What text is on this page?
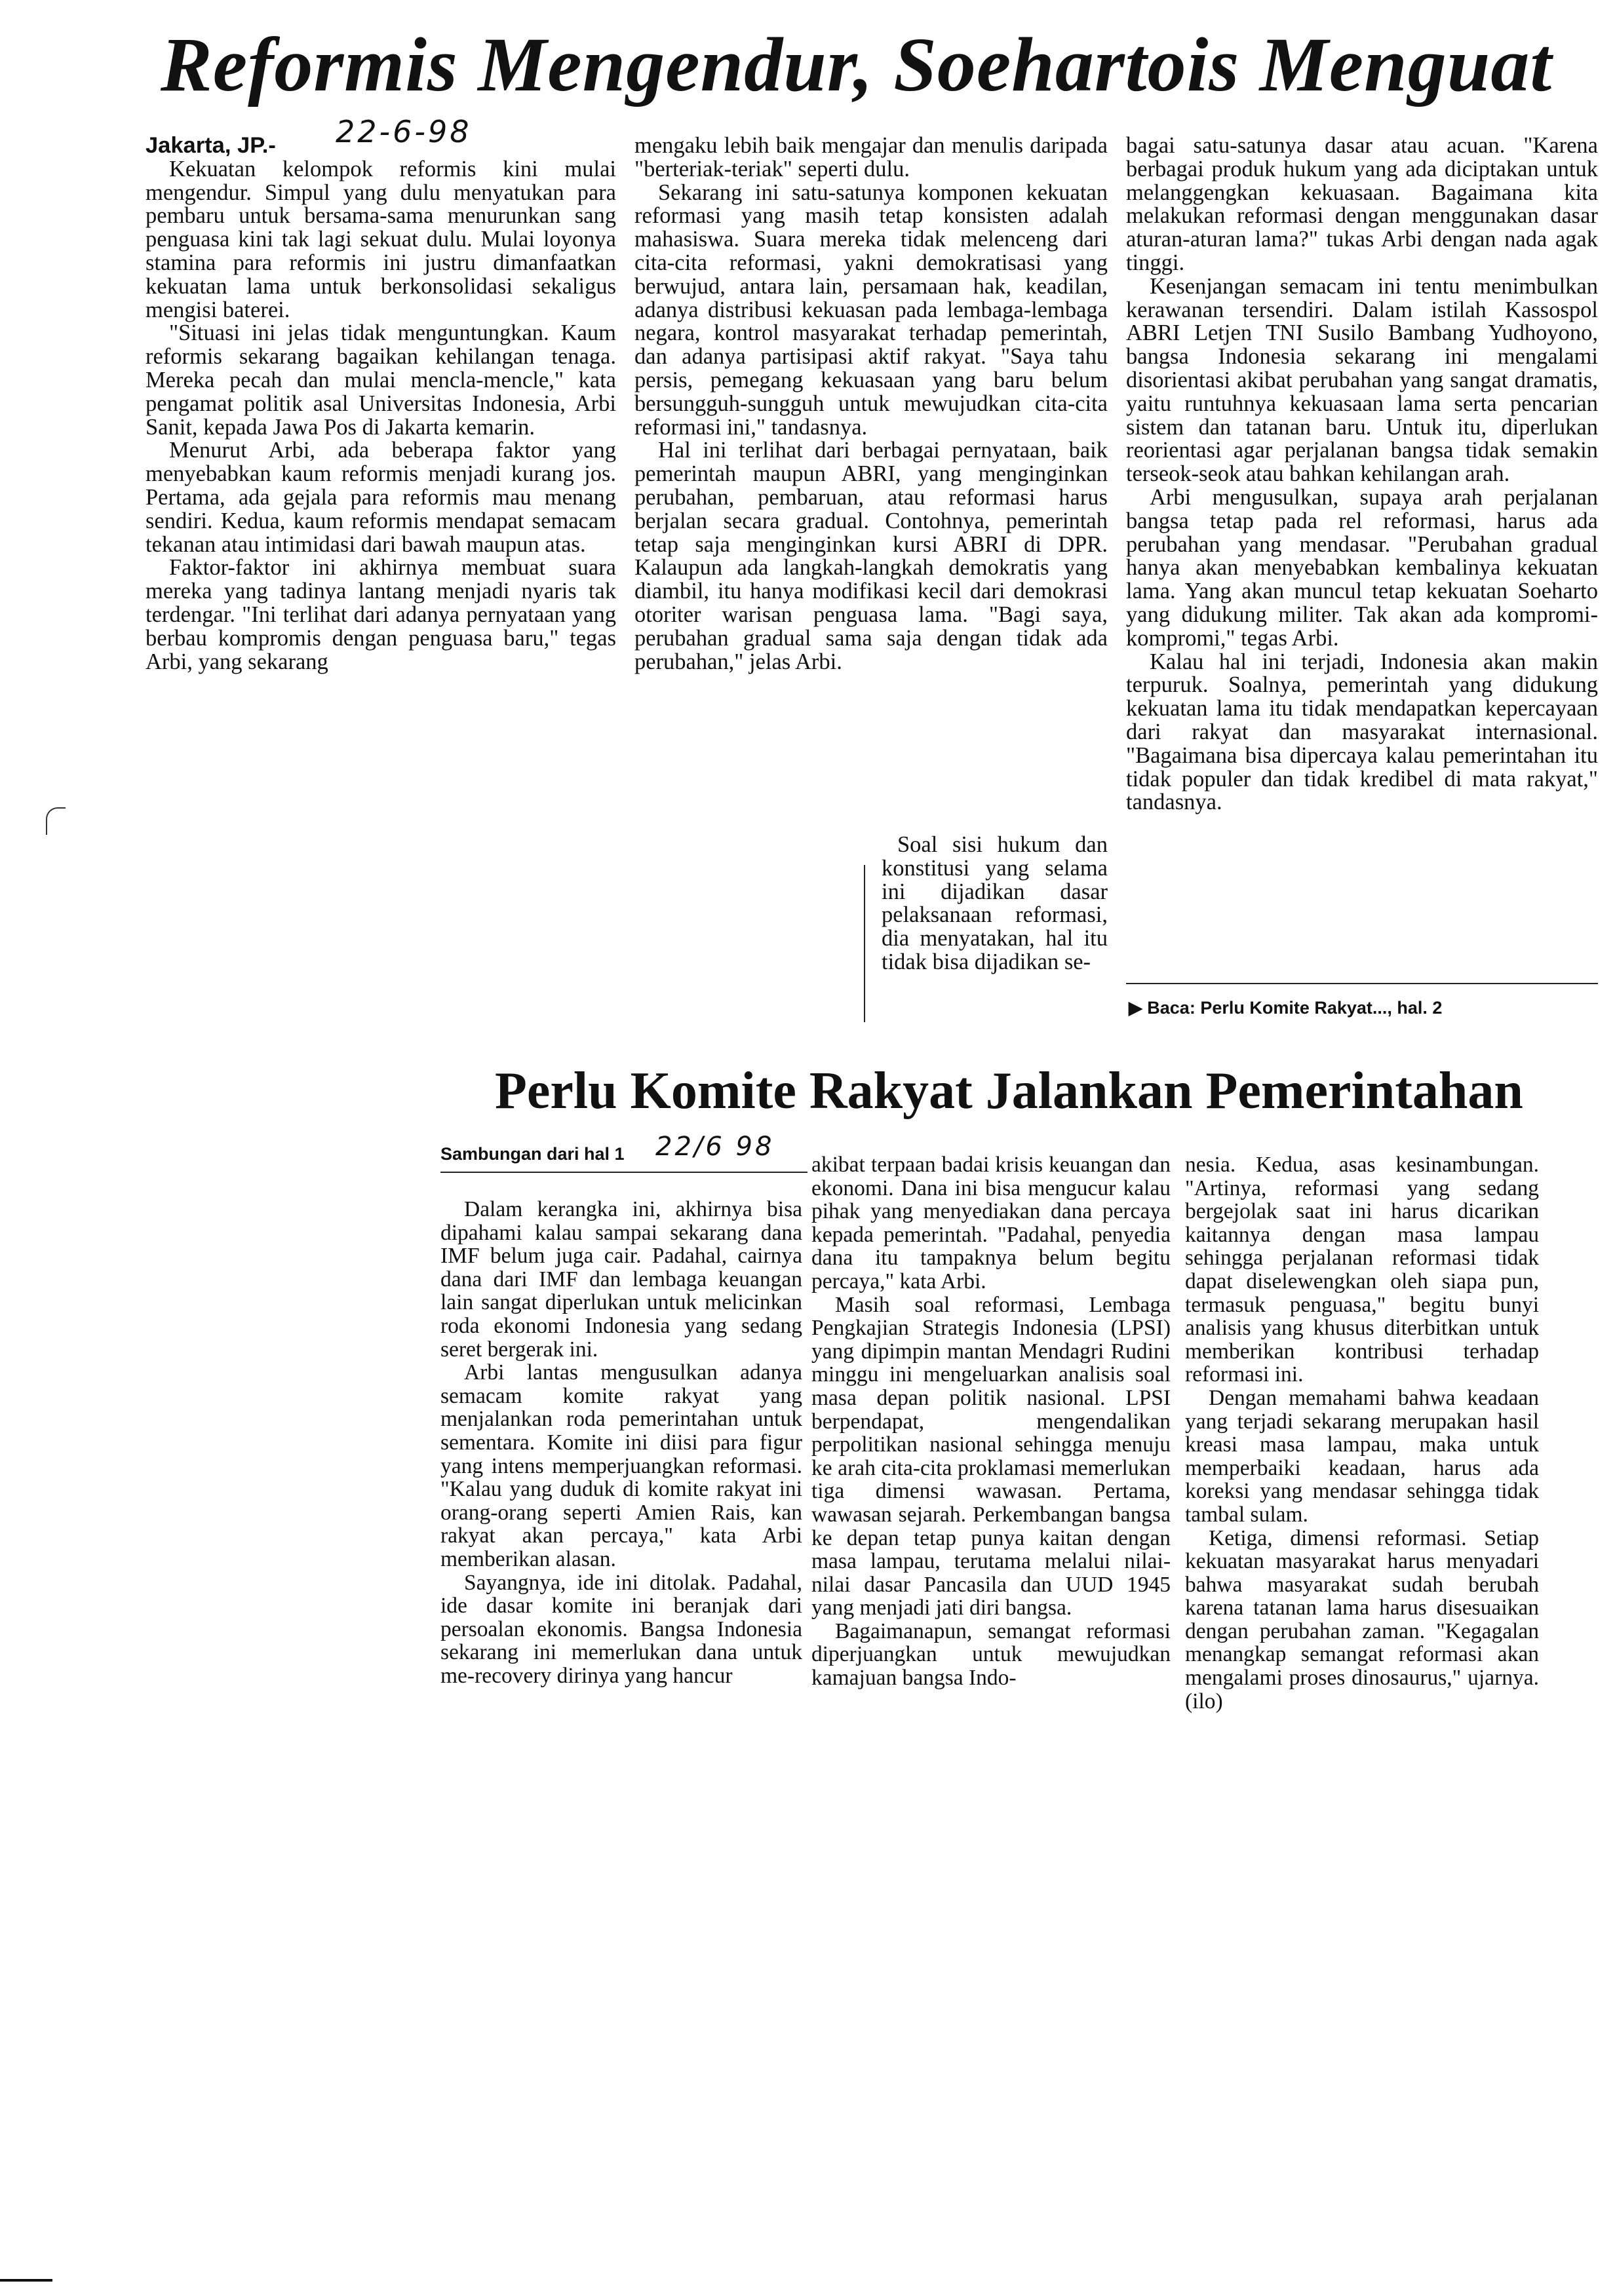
Reformis Mengendur, Soehartois Menguat
22-6-98

Jakarta, JP.-

Kekuatan kelompok reformis kini mulai mengendur. Simpul yang dulu menyatukan para pembaru untuk bersama-sama menurunkan sang penguasa kini tak lagi sekuat dulu. Mulai loyonya stamina para reformis ini justru dimanfaatkan kekuatan lama untuk berkonsolidasi sekaligus mengisi baterei.

"Situasi ini jelas tidak menguntungkan. Kaum reformis sekarang bagaikan kehilangan tenaga. Mereka pecah dan mulai mencla-mencle," kata pengamat politik asal Universitas Indonesia, Arbi Sanit, kepada Jawa Pos di Jakarta kemarin.

Menurut Arbi, ada beberapa faktor yang menyebabkan kaum reformis menjadi kurang jos. Pertama, ada gejala para reformis mau menang sendiri. Kedua, kaum reformis mendapat semacam tekanan atau intimidasi dari bawah maupun atas.

Faktor-faktor ini akhirnya membuat suara mereka yang tadinya lantang menjadi nyaris tak terdengar. "Ini terlihat dari adanya pernyataan yang berbau kompromis dengan penguasa baru," tegas Arbi, yang sekarang

mengaku lebih baik mengajar dan menulis daripada "berteriak-teriak" seperti dulu.

Sekarang ini satu-satunya komponen kekuatan reformasi yang masih tetap konsisten adalah mahasiswa. Suara mereka tidak melenceng dari cita-cita reformasi, yakni demokratisasi yang berwujud, antara lain, persamaan hak, keadilan, adanya distribusi kekuasan pada lembaga-lembaga negara, kontrol masyarakat terhadap pemerintah, dan adanya partisipasi aktif rakyat. "Saya tahu persis, pemegang kekuasaan yang baru belum bersungguh-sungguh untuk mewujudkan cita-cita reformasi ini," tandasnya.

Hal ini terlihat dari berbagai pernyataan, baik pemerintah maupun ABRI, yang menginginkan perubahan, pembaruan, atau reformasi harus berjalan secara gradual. Contohnya, pemerintah tetap saja menginginkan kursi ABRI di DPR. Kalaupun ada langkah-langkah demokratis yang diambil, itu hanya modifikasi kecil dari demokrasi otoriter warisan penguasa lama. "Bagi saya, perubahan gradual sama saja dengan tidak ada perubahan," jelas Arbi.

Soal sisi hukum dan konstitusi yang selama ini dijadikan dasar pelaksanaan reformasi, dia menyatakan, hal itu tidak bisa dijadikan se-

bagai satu-satunya dasar atau acuan. "Karena berbagai produk hukum yang ada diciptakan untuk melanggengkan kekuasaan. Bagaimana kita melakukan reformasi dengan menggunakan dasar aturan-aturan lama?" tukas Arbi dengan nada agak tinggi.

Kesenjangan semacam ini tentu menimbulkan kerawanan tersendiri. Dalam istilah Kassospol ABRI Letjen TNI Susilo Bambang Yudhoyono, bangsa Indonesia sekarang ini mengalami disorientasi akibat perubahan yang sangat dramatis, yaitu runtuhnya kekuasaan lama serta pencarian sistem dan tatanan baru. Untuk itu, diperlukan reorientasi agar perjalanan bangsa tidak semakin terseok-seok atau bahkan kehilangan arah.

Arbi mengusulkan, supaya arah perjalanan bangsa tetap pada rel reformasi, harus ada perubahan yang mendasar. "Perubahan gradual hanya akan menyebabkan kembalinya kekuatan lama. Yang akan muncul tetap kekuatan Soeharto yang didukung militer. Tak akan ada kompromi-kompromi," tegas Arbi.

Kalau hal ini terjadi, Indonesia akan makin terpuruk. Soalnya, pemerintah yang didukung kekuatan lama itu tidak mendapatkan kepercayaan dari rakyat dan masyarakat internasional. "Bagaimana bisa dipercaya kalau pemerintahan itu tidak populer dan tidak kredibel di mata rakyat," tandasnya.

▶ Baca: Perlu Komite Rakyat..., hal. 2
Perlu Komite Rakyat Jalankan Pemerintahan
Sambungan dari hal 1 22/6 98

Dalam kerangka ini, akhirnya bisa dipahami kalau sampai sekarang dana IMF belum juga cair. Padahal, cairnya dana dari IMF dan lembaga keuangan lain sangat diperlukan untuk melicinkan roda ekonomi Indonesia yang sedang seret bergerak ini.

Arbi lantas mengusulkan adanya semacam komite rakyat yang menjalankan roda pemerintahan untuk sementara. Komite ini diisi para figur yang intens memperjuangkan reformasi. "Kalau yang duduk di komite rakyat ini orang-orang seperti Amien Rais, kan rakyat akan percaya," kata Arbi memberikan alasan.

Sayangnya, ide ini ditolak. Padahal, ide dasar komite ini beranjak dari persoalan ekonomis. Bangsa Indonesia sekarang ini memerlukan dana untuk me-recovery dirinya yang hancur

akibat terpaan badai krisis keuangan dan ekonomi. Dana ini bisa mengucur kalau pihak yang menyediakan dana percaya kepada pemerintah. "Padahal, penyedia dana itu tampaknya belum begitu percaya," kata Arbi.

Masih soal reformasi, Lembaga Pengkajian Strategis Indonesia (LPSI) yang dipimpin mantan Mendagri Rudini minggu ini mengeluarkan analisis soal masa depan politik nasional. LPSI berpendapat, mengendalikan perpolitikan nasional sehingga menuju ke arah cita-cita proklamasi memerlukan tiga dimensi wawasan. Pertama, wawasan sejarah. Perkembangan bangsa ke depan tetap punya kaitan dengan masa lampau, terutama melalui nilai-nilai dasar Pancasila dan UUD 1945 yang menjadi jati diri bangsa.

Bagaimanapun, semangat reformasi diperjuangkan untuk mewujudkan kamajuan bangsa Indo-

nesia. Kedua, asas kesinambungan. "Artinya, reformasi yang sedang bergejolak saat ini harus dicarikan kaitannya dengan masa lampau sehingga perjalanan reformasi tidak dapat diselewengkan oleh siapa pun, termasuk penguasa," begitu bunyi analisis yang khusus diterbitkan untuk memberikan kontribusi terhadap reformasi ini.

Dengan memahami bahwa keadaan yang terjadi sekarang merupakan hasil kreasi masa lampau, maka untuk memperbaiki keadaan, harus ada koreksi yang mendasar sehingga tidak tambal sulam.

Ketiga, dimensi reformasi. Setiap kekuatan masyarakat harus menyadari bahwa masyarakat sudah berubah karena tatanan lama harus disesuaikan dengan perubahan zaman. "Kegagalan menangkap semangat reformasi akan mengalami proses dinosaurus," ujarnya. (ilo)
